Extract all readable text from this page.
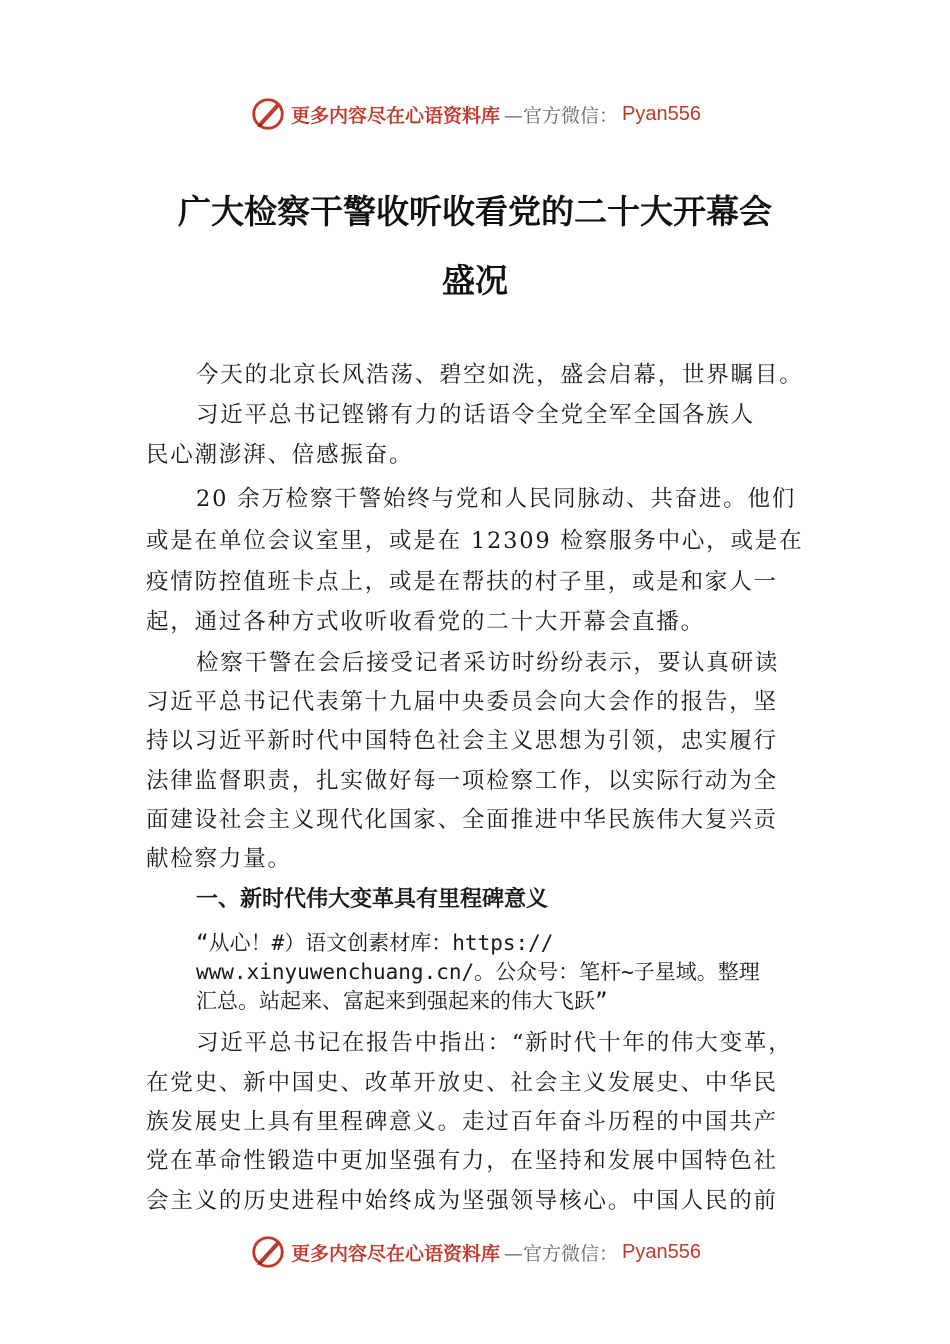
更多内容尽在心语资料库 —官方微信： Pyan556
广大检察干警收听收看党的二十大开幕会
盛况
今天的北京长风浩荡、碧空如洗，盛会启幕，世界瞩目。
习近平总书记铿锵有力的话语令全党全军全国各族人
民心潮澎湃、倍感振奋。
20 余万检察干警始终与党和人民同脉动、共奋进。他们
或是在单位会议室里，或是在 12309 检察服务中心，或是在
疫情防控值班卡点上，或是在帮扶的村子里，或是和家人一
起，通过各种方式收听收看党的二十大开幕会直播。
检察干警在会后接受记者采访时纷纷表示，要认真研读
习近平总书记代表第十九届中央委员会向大会作的报告，坚
持以习近平新时代中国特色社会主义思想为引领，忠实履行
法律监督职责，扎实做好每一项检察工作，以实际行动为全
面建设社会主义现代化国家、全面推进中华民族伟大复兴贡
献检察力量。
一、新时代伟大变革具有里程碑意义
“从心！#）语文创素材库：https://
www.xinyuwenchuang.cn/。公众号：笔杆~子星域。整理
汇总。站起来、富起来到强起来的伟大飞跃”
习近平总书记在报告中指出：“新时代十年的伟大变革，
在党史、新中国史、改革开放史、社会主义发展史、中华民
族发展史上具有里程碑意义。走过百年奋斗历程的中国共产
党在革命性锻造中更加坚强有力，在坚持和发展中国特色社
会主义的历史进程中始终成为坚强领导核心。中国人民的前
更多内容尽在心语资料库 —官方微信： Pyan556
